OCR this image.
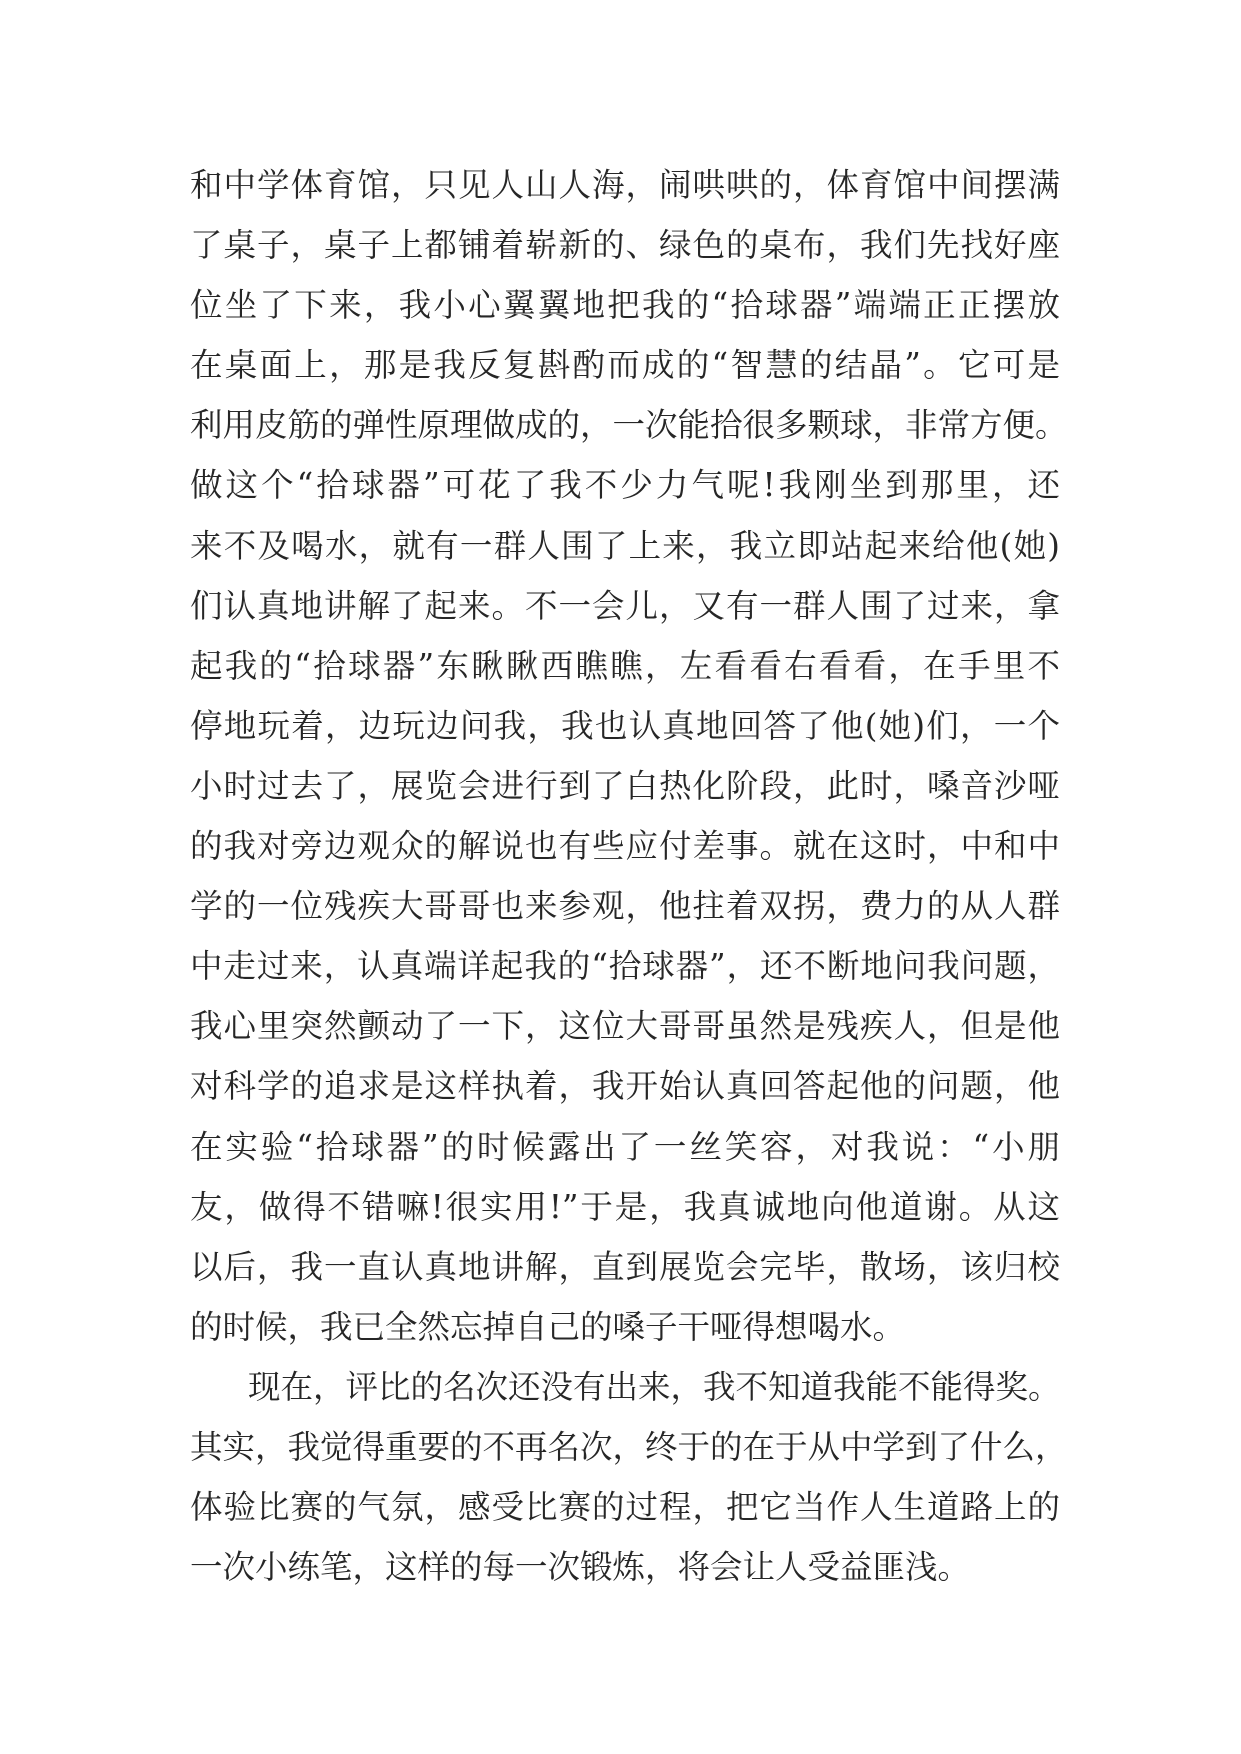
和中学体育馆，只见人山人海，闹哄哄的，体育馆中间摆满
了桌子，桌子上都铺着崭新的、绿色的桌布，我们先找好座
位坐了下来，我小心翼翼地把我的“拾球器”端端正正摆放
在桌面上，那是我反复斟酌而成的“智慧的结晶”。它可是
利用皮筋的弹性原理做成的，一次能拾很多颗球，非常方便。
做这个“拾球器”可花了我不少力气呢!我刚坐到那里，还
来不及喝水，就有一群人围了上来，我立即站起来给他(她)
们认真地讲解了起来。不一会儿，又有一群人围了过来，拿
起我的“拾球器”东瞅瞅西瞧瞧，左看看右看看，在手里不
停地玩着，边玩边问我，我也认真地回答了他(她)们，一个
小时过去了，展览会进行到了白热化阶段，此时，嗓音沙哑
的我对旁边观众的解说也有些应付差事。就在这时，中和中
学的一位残疾大哥哥也来参观，他拄着双拐，费力的从人群
中走过来，认真端详起我的“拾球器”，还不断地问我问题，
我心里突然颤动了一下，这位大哥哥虽然是残疾人，但是他
对科学的追求是这样执着，我开始认真回答起他的问题，他
在实验“拾球器”的时候露出了一丝笑容，对我说：“小朋
友，做得不错嘛!很实用!”于是，我真诚地向他道谢。从这
以后，我一直认真地讲解，直到展览会完毕，散场，该归校
的时候，我已全然忘掉自己的嗓子干哑得想喝水。
现在，评比的名次还没有出来，我不知道我能不能得奖。
其实，我觉得重要的不再名次，终于的在于从中学到了什么，
体验比赛的气氛，感受比赛的过程，把它当作人生道路上的
一次小练笔，这样的每一次锻炼，将会让人受益匪浅。
